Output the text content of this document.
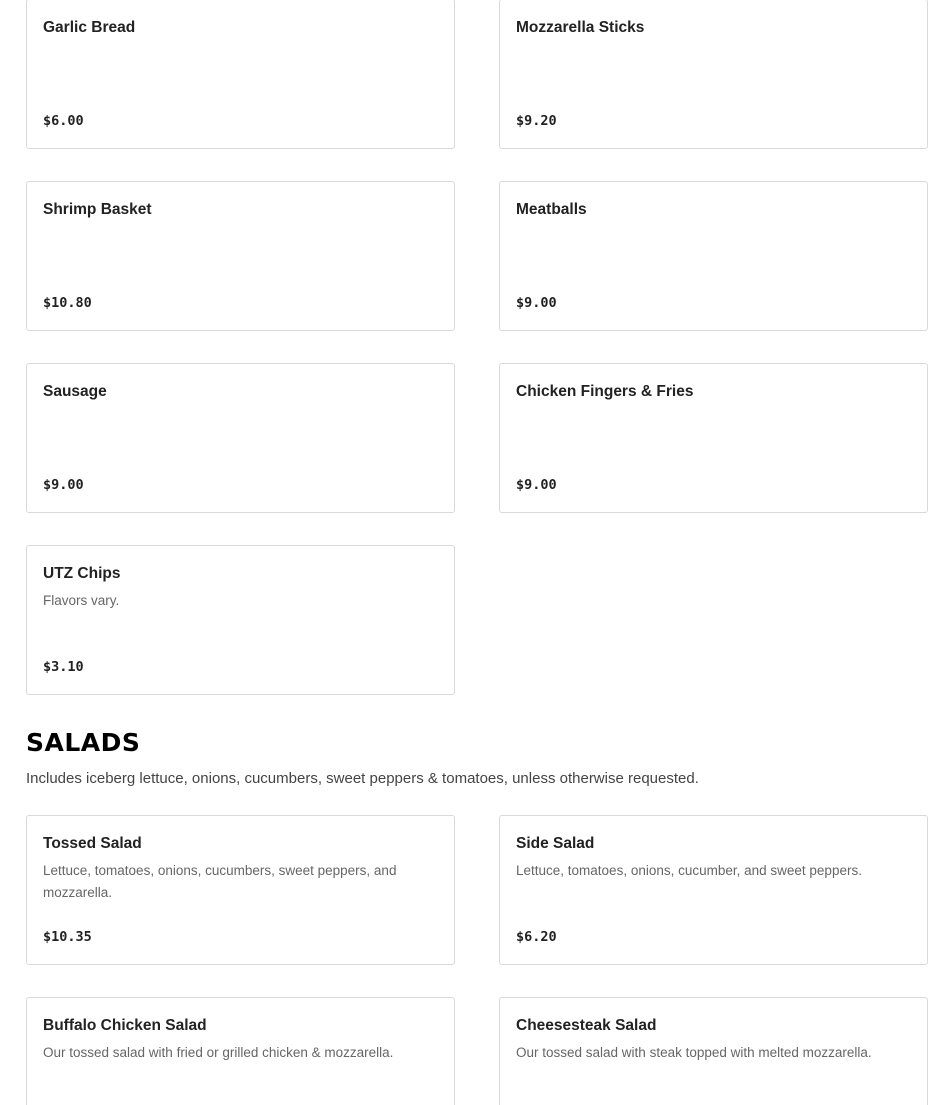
Garlic Bread
$6.00
Mozzarella Sticks
$9.20
Shrimp Basket
$10.80
Meatballs
$9.00
Sausage
$9.00
Chicken Fingers & Fries
$9.00
UTZ Chips
Flavors vary.
$3.10
SALADS
Includes iceberg lettuce, onions, cucumbers, sweet peppers & tomatoes, unless otherwise requested.
Tossed Salad
Lettuce, tomatoes, onions, cucumbers, sweet peppers, and mozzarella.
$10.35
Side Salad
Lettuce, tomatoes, onions, cucumber, and sweet peppers.
$6.20
Buffalo Chicken Salad
Our tossed salad with fried or grilled chicken & mozzarella.
Cheesesteak Salad
Our tossed salad with steak topped with melted mozzarella.
